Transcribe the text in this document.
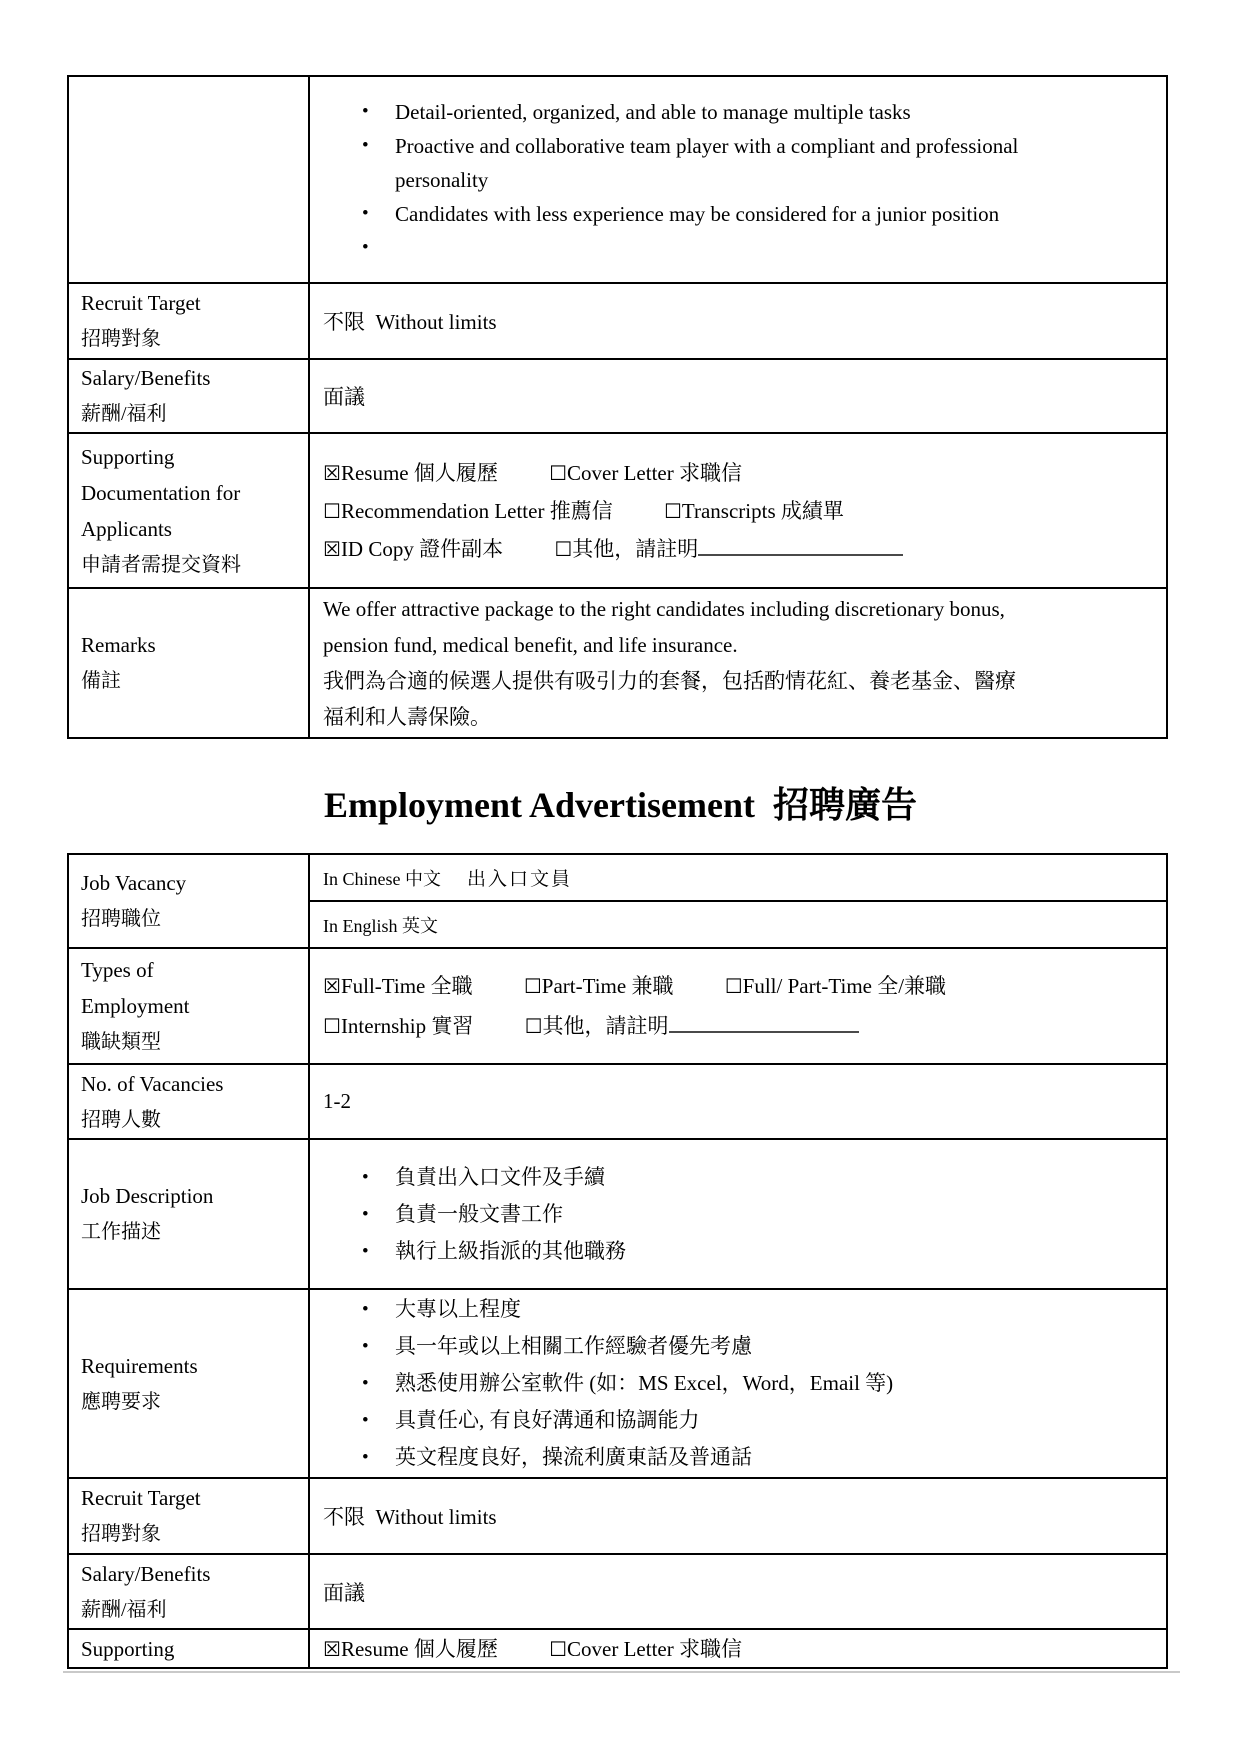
•	Detail-oriented, organized, and able to manage multiple tasks
•	Proactive and collaborative team player with a compliant and professional
personality
•	Candidates with less experience may be considered for a junior position
•

Recruit Target
招聘對象	不限  Without limits

Salary/Benefits
薪酬/福利	面議

Supporting
Documentation for
Applicants
申請者需提交資料

☒Resume 個人履歷	☐Cover Letter 求職信
☐Recommendation Letter 推薦信	☐Transcripts 成績單
☒ID Copy 證件副本	☐其他，請註明

Remarks
備註

We offer attractive package to the right candidates including discretionary bonus,
pension fund, medical benefit, and life insurance.
我們為合適的候選人提供有吸引力的套餐，包括酌情花紅、養老基金、醫療
福利和人壽保險。
Employment Advertisement  招聘廣告
Job Vacancy
招聘職位	In Chinese 中文 出入口文員
	In English 英文

Types of
Employment
職缺類型

☒Full-Time 全職	☐Part-Time 兼職	☐Full/ Part-Time 全/兼職
☐Internship 實習	☐其他，請註明

No. of Vacancies
招聘人數	1-2

Job Description
工作描述

•	負責出入口文件及手續
•	負責一般文書工作
•	執行上級指派的其他職務

Requirements
應聘要求

•	大專以上程度
•	具一年或以上相關工作經驗者優先考慮
•	熟悉使用辦公室軟件 (如：MS Excel，Word，Email 等)
•	具責任心, 有良好溝通和協調能力
•	英文程度良好，操流利廣東話及普通話

Recruit Target
招聘對象	不限  Without limits

Salary/Benefits
薪酬/福利	面議

Supporting	☒Resume 個人履歷 ☐Cover Letter 求職信
